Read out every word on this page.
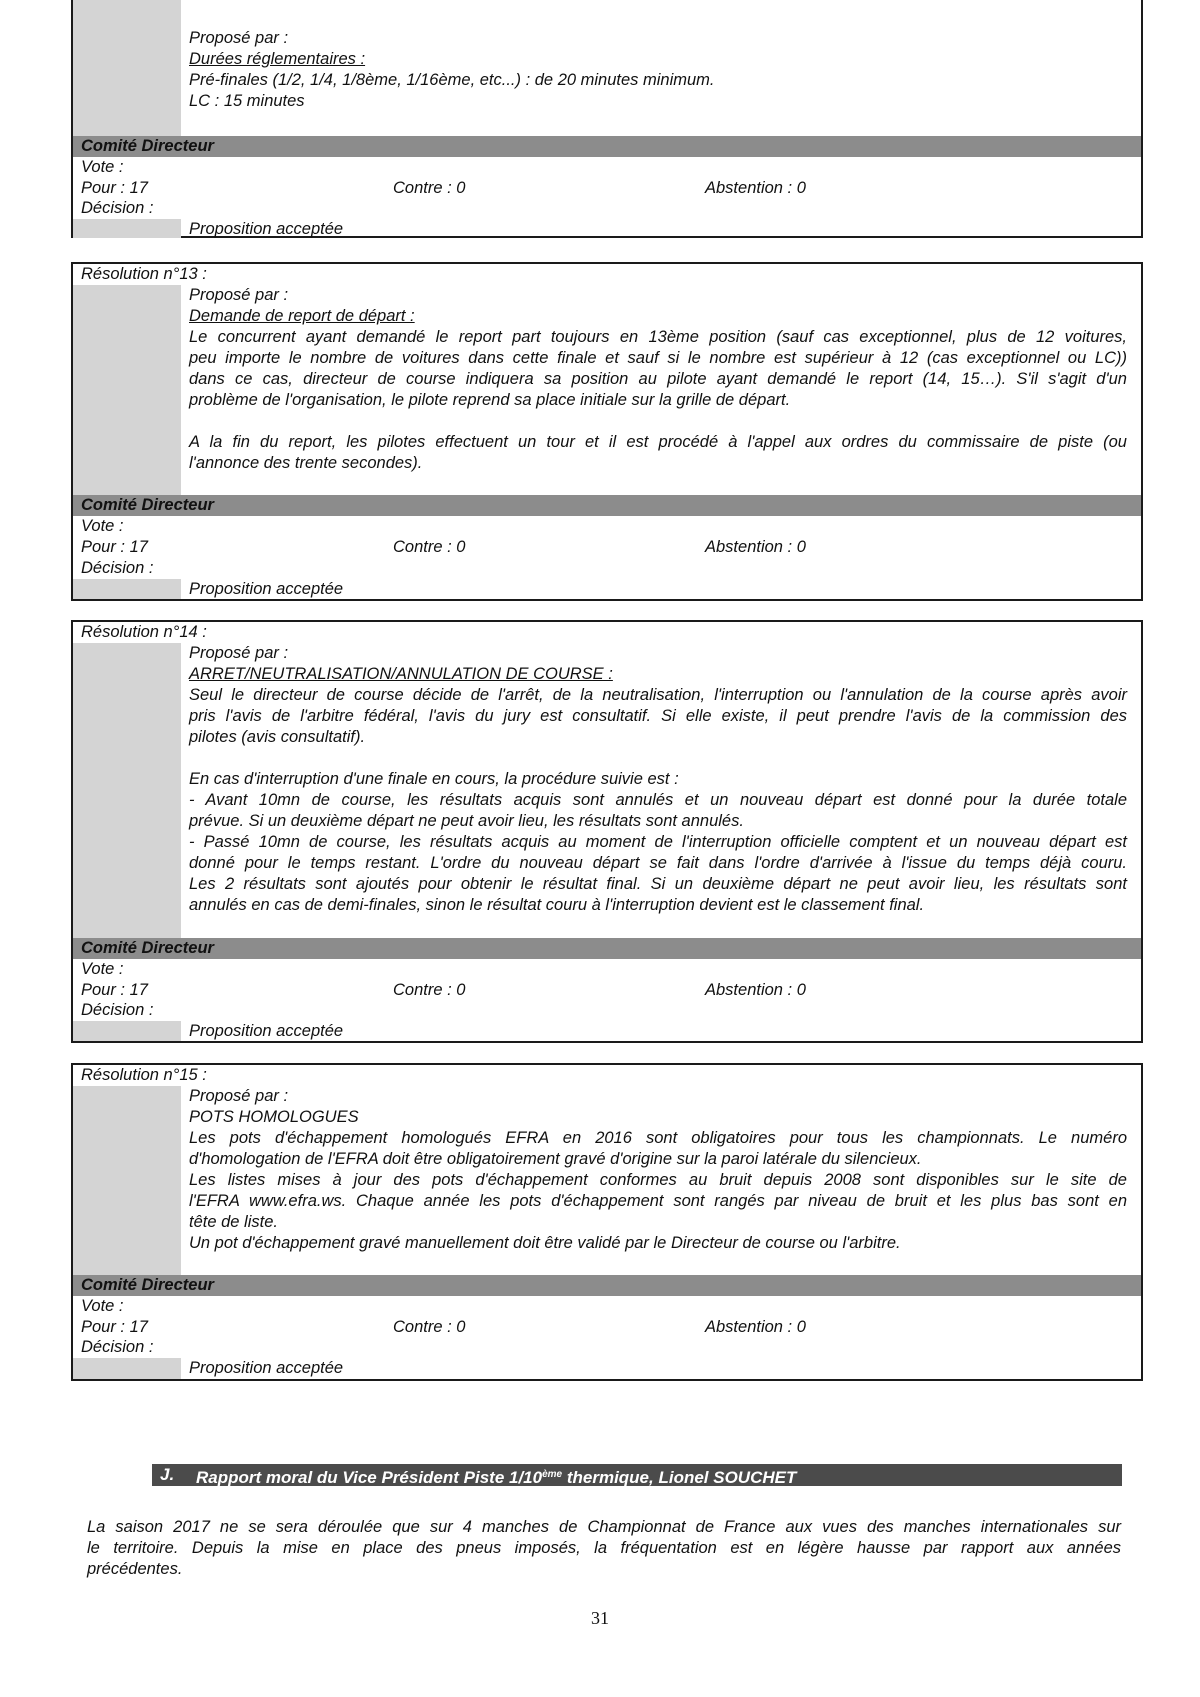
Proposé par :
Durées réglementaires :
Pré-finales (1/2, 1/4, 1/8ème, 1/16ème, etc...) : de 20 minutes minimum.
LC : 15 minutes
Comité Directeur
Vote :
Pour : 17	Contre : 0	Abstention : 0
Décision :
Proposition acceptée
Résolution n°13 :
Proposé par :
Demande de report de départ :
Le concurrent ayant demandé le report part toujours en 13ème position (sauf cas exceptionnel, plus de 12 voitures,
peu importe le nombre de voitures dans cette finale et sauf si le nombre est supérieur à 12 (cas exceptionnel ou LC))
dans ce cas, directeur de course indiquera sa position au pilote ayant demandé le report (14, 15…). S'il s'agit d'un
problème de l'organisation, le pilote reprend sa place initiale sur la grille de départ.
A la fin du report, les pilotes effectuent un tour et il est procédé à l'appel aux ordres du commissaire de piste (ou
l'annonce des trente secondes).
Comité Directeur
Vote :
Pour : 17	Contre : 0	Abstention : 0
Décision :
Proposition acceptée
Résolution n°14 :
Proposé par :
ARRET/NEUTRALISATION/ANNULATION DE COURSE :
Seul le directeur de course décide de l'arrêt, de la neutralisation, l'interruption ou l'annulation de la course après avoir
pris l'avis de l'arbitre fédéral, l'avis du jury est consultatif. Si elle existe, il peut prendre l'avis de la commission des
pilotes (avis consultatif).
En cas d'interruption d'une finale en cours, la procédure suivie est :
- Avant 10mn de course, les résultats acquis sont annulés et un nouveau départ est donné pour la durée totale
prévue. Si un deuxième départ ne peut avoir lieu, les résultats sont annulés.
- Passé 10mn de course, les résultats acquis au moment de l'interruption officielle comptent et un nouveau départ est
donné pour le temps restant. L'ordre du nouveau départ se fait dans l'ordre d'arrivée à l'issue du temps déjà couru.
Les 2 résultats sont ajoutés pour obtenir le résultat final. Si un deuxième départ ne peut avoir lieu, les résultats sont
annulés en cas de demi-finales, sinon le résultat couru à l'interruption devient est le classement final.
Comité Directeur
Vote :
Pour : 17	Contre : 0	Abstention : 0
Décision :
Proposition acceptée
Résolution n°15 :
Proposé par :
POTS HOMOLOGUES
Les pots d'échappement homologués EFRA en 2016 sont obligatoires pour tous les championnats. Le numéro
d'homologation de l'EFRA doit être obligatoirement gravé d'origine sur la paroi latérale du silencieux.
Les listes mises à jour des pots d'échappement conformes au bruit depuis 2008 sont disponibles sur le site de
l'EFRA www.efra.ws. Chaque année les pots d'échappement sont rangés par niveau de bruit et les plus bas sont en
tête de liste.
Un pot d'échappement gravé manuellement doit être validé par le Directeur de course ou l'arbitre.
Comité Directeur
Vote :
Pour : 17	Contre : 0	Abstention : 0
Décision :
Proposition acceptée
J. Rapport moral du Vice Président Piste 1/10ème thermique, Lionel SOUCHET
La saison 2017 ne se sera déroulée que sur 4 manches de Championnat de France aux vues des manches internationales sur
le territoire. Depuis la mise en place des pneus imposés, la fréquentation est en légère hausse par rapport aux années
précédentes.
31
